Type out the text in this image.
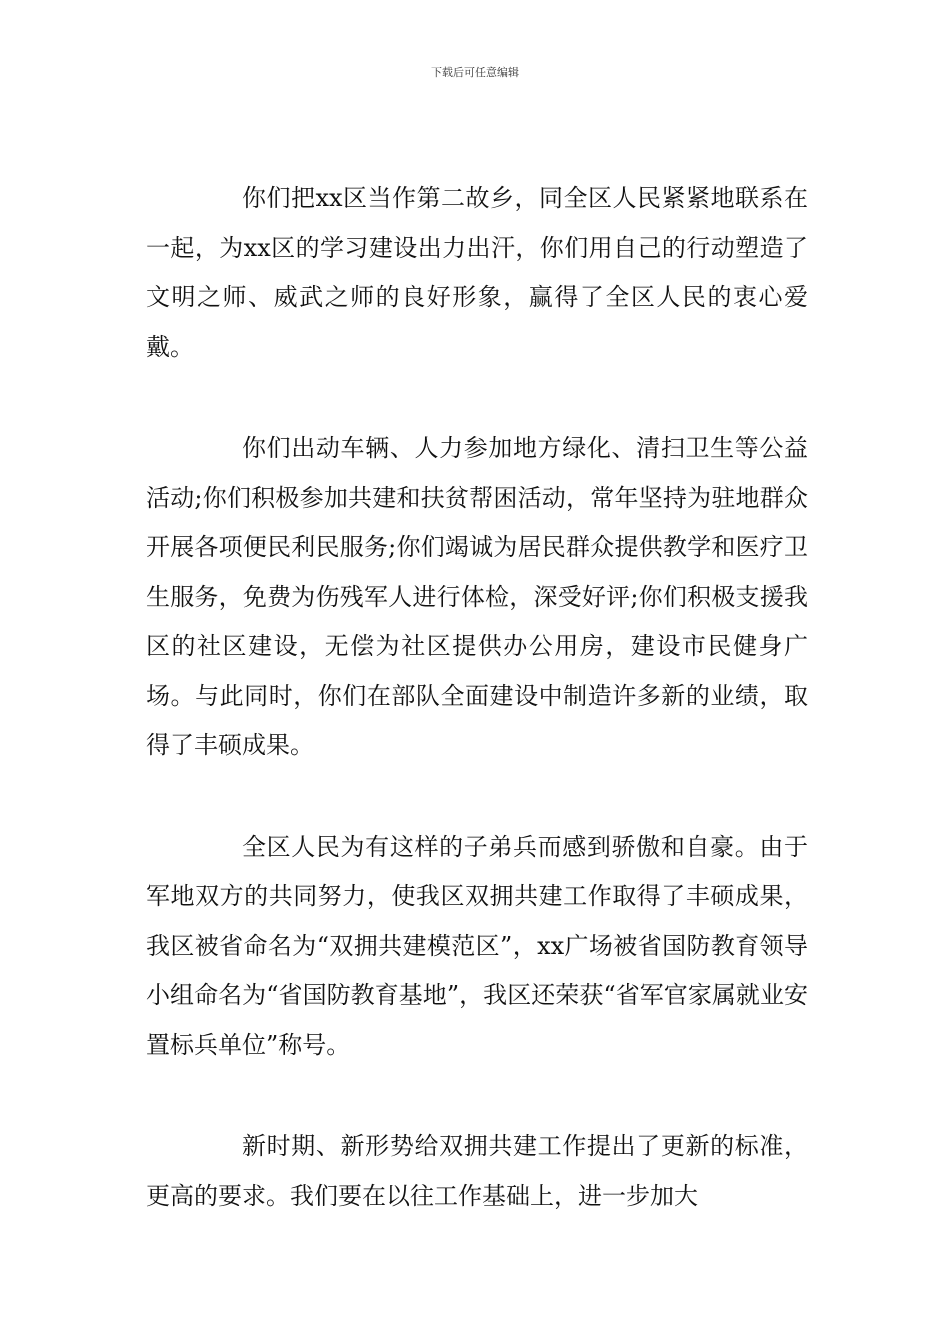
下载后可任意编辑

你们把xx区当作第二故乡，同全区人民紧紧地联系在一起，为xx区的学习建设出力出汗，你们用自己的行动塑造了文明之师、威武之师的良好形象，赢得了全区人民的衷心爱戴。

你们出动车辆、人力参加地方绿化、清扫卫生等公益活动;你们积极参加共建和扶贫帮困活动，常年坚持为驻地群众开展各项便民利民服务;你们竭诚为居民群众提供教学和医疗卫生服务，免费为伤残军人进行体检，深受好评;你们积极支援我区的社区建设，无偿为社区提供办公用房，建设市民健身广场。与此同时，你们在部队全面建设中制造许多新的业绩，取得了丰硕成果。

全区人民为有这样的子弟兵而感到骄傲和自豪。由于军地双方的共同努力，使我区双拥共建工作取得了丰硕成果，我区被省命名为“双拥共建模范区”，xx广场被省国防教育领导小组命名为“省国防教育基地”，我区还荣获“省军官家属就业安置标兵单位”称号。

新时期、新形势给双拥共建工作提出了更新的标准，更高的要求。我们要在以往工作基础上，进一步加大
